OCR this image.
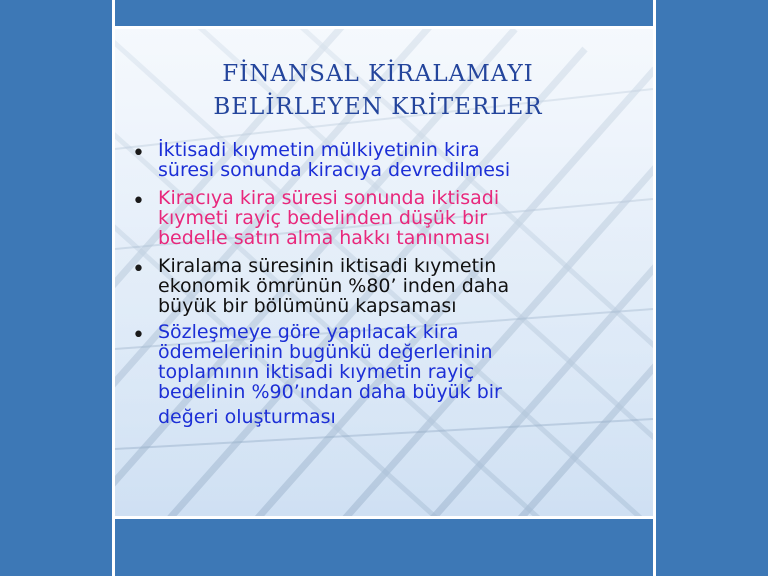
FİNANSAL KİRALAMAYI
BELİRLEYEN KRİTERLER
• İktisadi kıymetin mülkiyetinin kira
süresi sonunda kiracıya devredilmesi
• Kiracıya kira süresi sonunda iktisadi
kıymeti rayiç bedelinden düşük bir
bedelle satın alma hakkı tanınması
• Kiralama süresinin iktisadi kıymetin
ekonomik ömrünün %80’ inden daha
büyük bir bölümünü kapsaması
• Sözleşmeye göre yapılacak kira
ödemelerinin bugünkü değerlerinin
toplamının iktisadi kıymetin rayiç
bedelinin %90’ından daha büyük bir
değeri oluşturması
